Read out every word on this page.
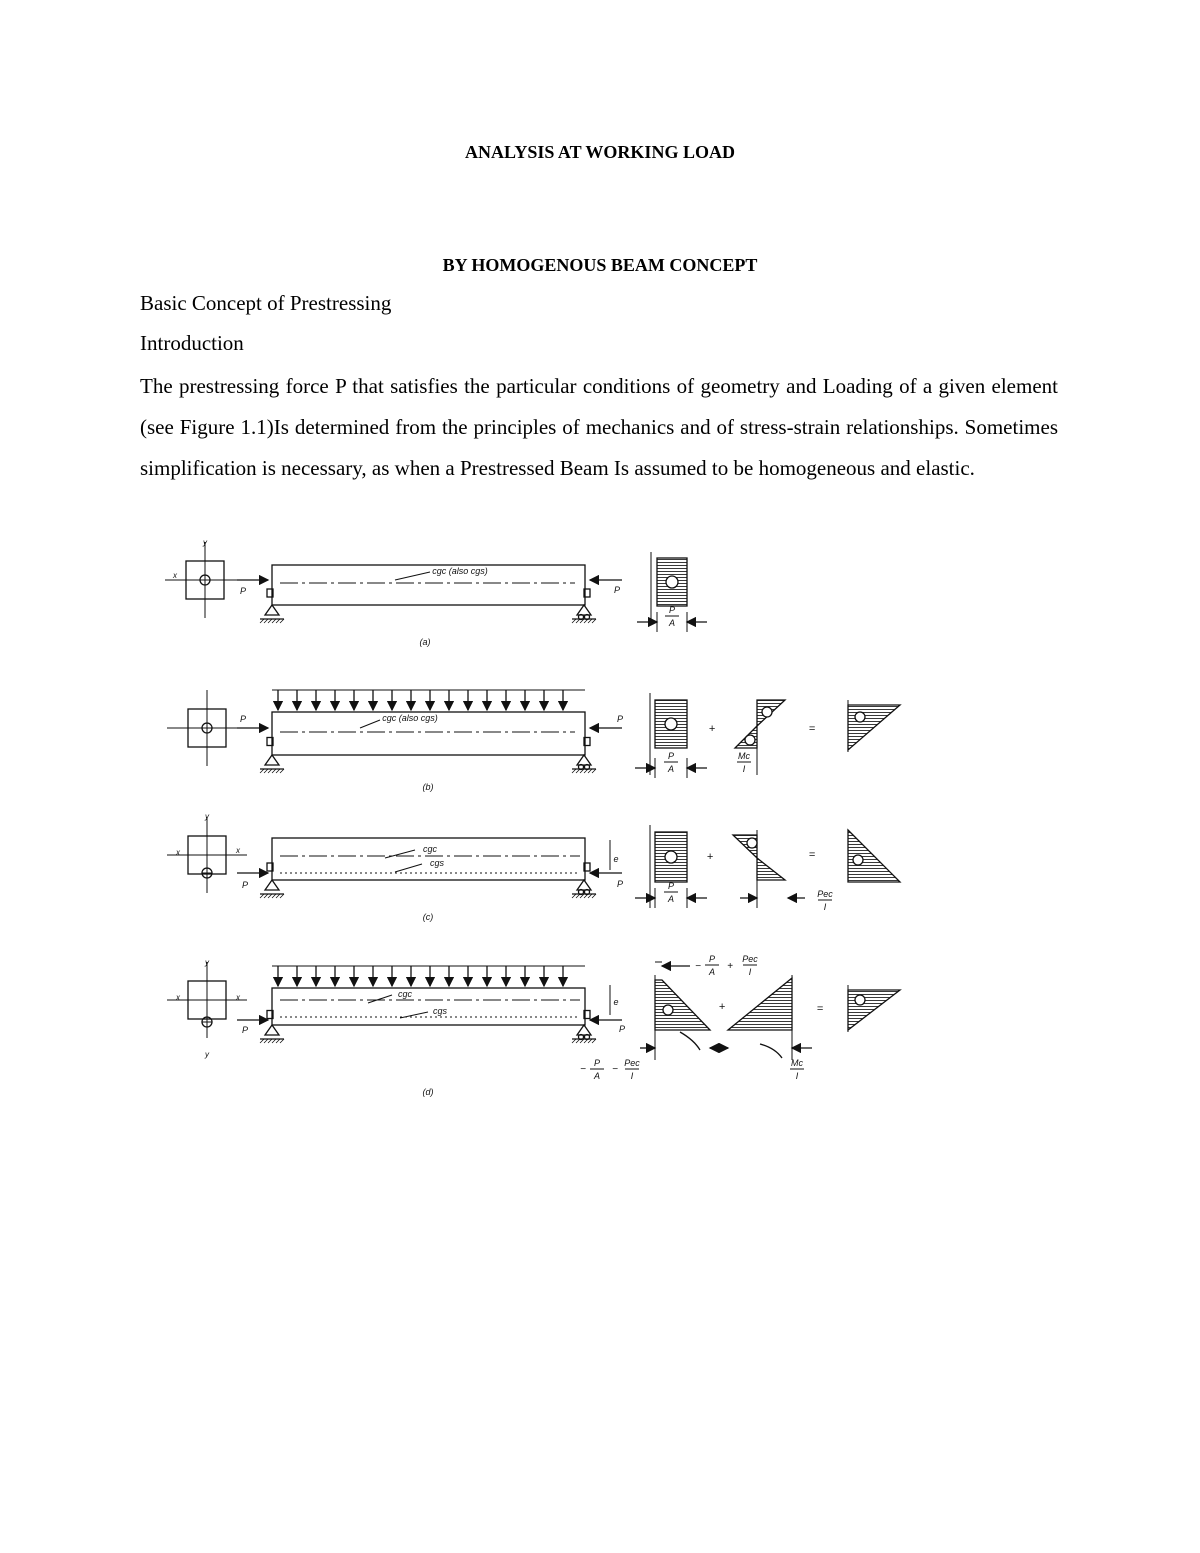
ANALYSIS AT WORKING LOAD
BY HOMOGENOUS BEAM CONCEPT
Basic Concept of Prestressing
Introduction
The prestressing force P that satisfies the particular conditions of geometry and Loading of a given element (see Figure 1.1)Is determined from the principles of mechanics and of stress-strain relationships. Sometimes simplification is necessary, as when a Prestressed Beam Is assumed to be homogeneous and elastic.
y
x
P	P
cgc (also cgs)
P
A
(a)
P	P
cgc (also cgs)
+	=
P
A
Mc
I
(b)
y
x	x
P	P
cgc
cgs	e	+	=
P
A	Pec
I
(c)
y
y
x	x
P	P
cgc
cgs
e	+	=
−
P
A +
Pec
I
−
P
A
−
Pec
I
Mc
I
(d)
